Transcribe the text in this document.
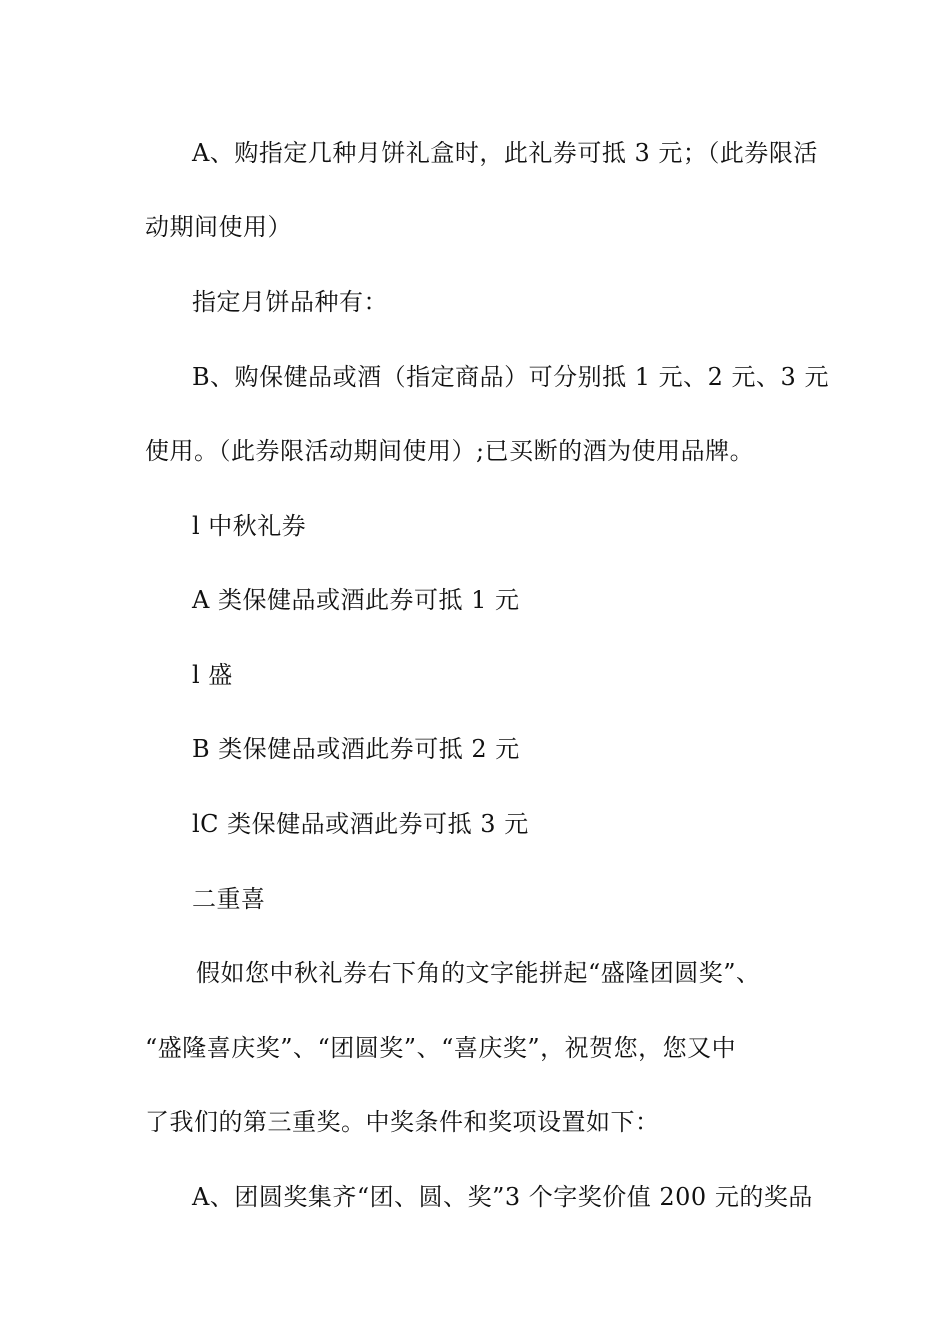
A、购指定几种月饼礼盒时，此礼券可抵 3 元；（此券限活
动期间使用）
指定月饼品种有：
B、购保健品或酒（指定商品）可分别抵 1 元、2 元、3 元
使用。（此券限活动期间使用）;已买断的酒为使用品牌。
l 中秋礼券
A 类保健品或酒此券可抵 1 元
l 盛
B 类保健品或酒此券可抵 2 元
lC 类保健品或酒此券可抵 3 元
二重喜
假如您中秋礼券右下角的文字能拼起“盛隆团圆奖”、
“盛隆喜庆奖”、“团圆奖”、“喜庆奖”，祝贺您，您又中
了我们的第三重奖。中奖条件和奖项设置如下：
A、团圆奖集齐“团、圆、奖”3 个字奖价值 200 元的奖品
